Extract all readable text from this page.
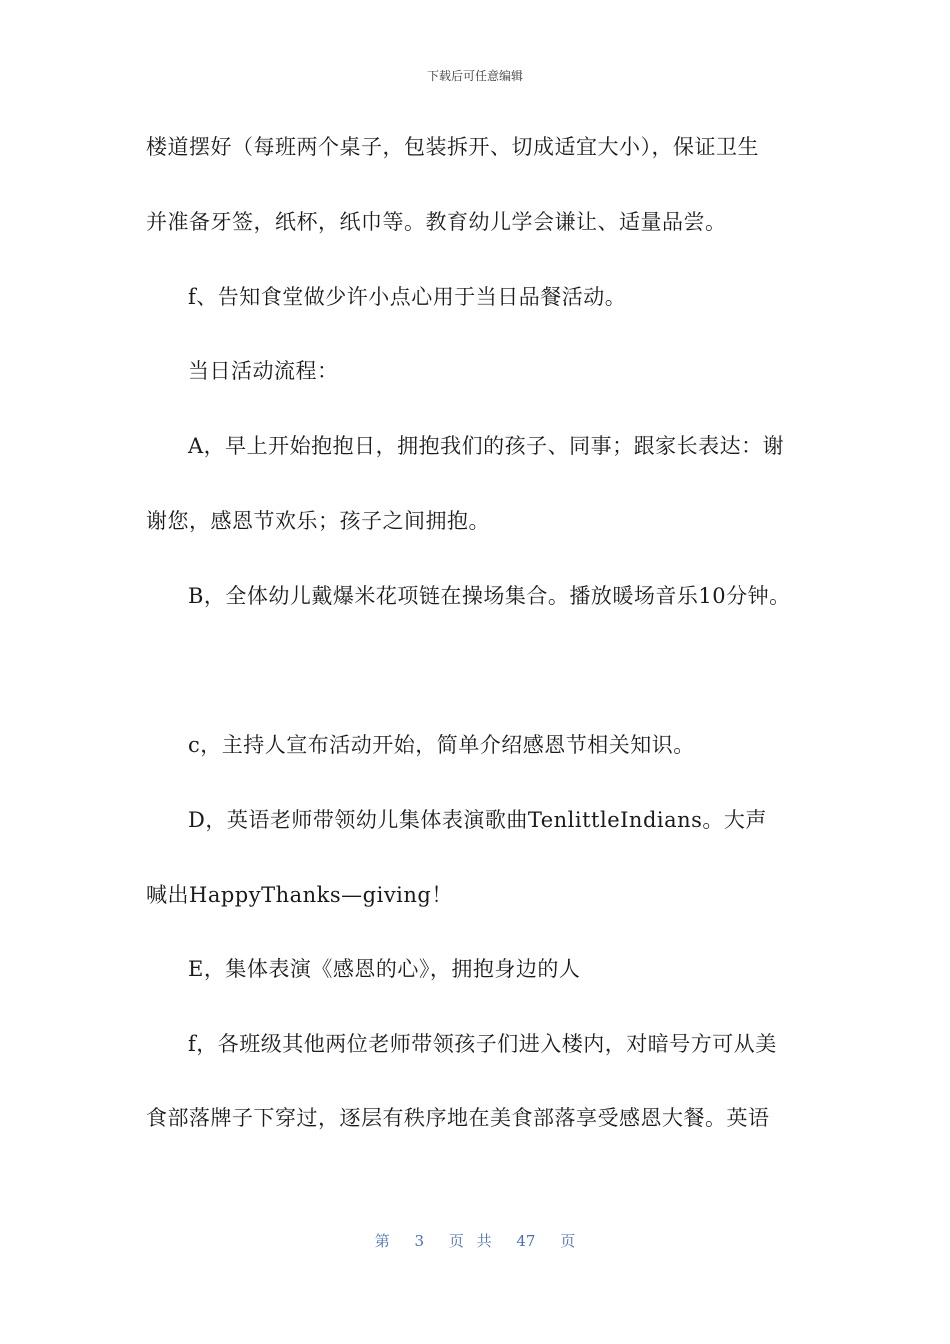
下载后可任意编辑
楼道摆好（每班两个桌子，包装拆开、切成适宜大小），保证卫生
并准备牙签，纸杯，纸巾等。教育幼儿学会谦让、适量品尝。
f、告知食堂做少许小点心用于当日品餐活动。
当日活动流程：
A，早上开始抱抱日，拥抱我们的孩子、同事；跟家长表达：谢
谢您，感恩节欢乐；孩子之间拥抱。
B，全体幼儿戴爆米花项链在操场集合。播放暖场音乐10分钟。
c，主持人宣布活动开始，简单介绍感恩节相关知识。
D，英语老师带领幼儿集体表演歌曲TenlittleIndians。大声
喊出HappyThanks—giving！
E，集体表演《感恩的心》，拥抱身边的人
f，各班级其他两位老师带领孩子们进入楼内，对暗号方可从美
食部落牌子下穿过，逐层有秩序地在美食部落享受感恩大餐。英语
第 3 页 共 47 页
